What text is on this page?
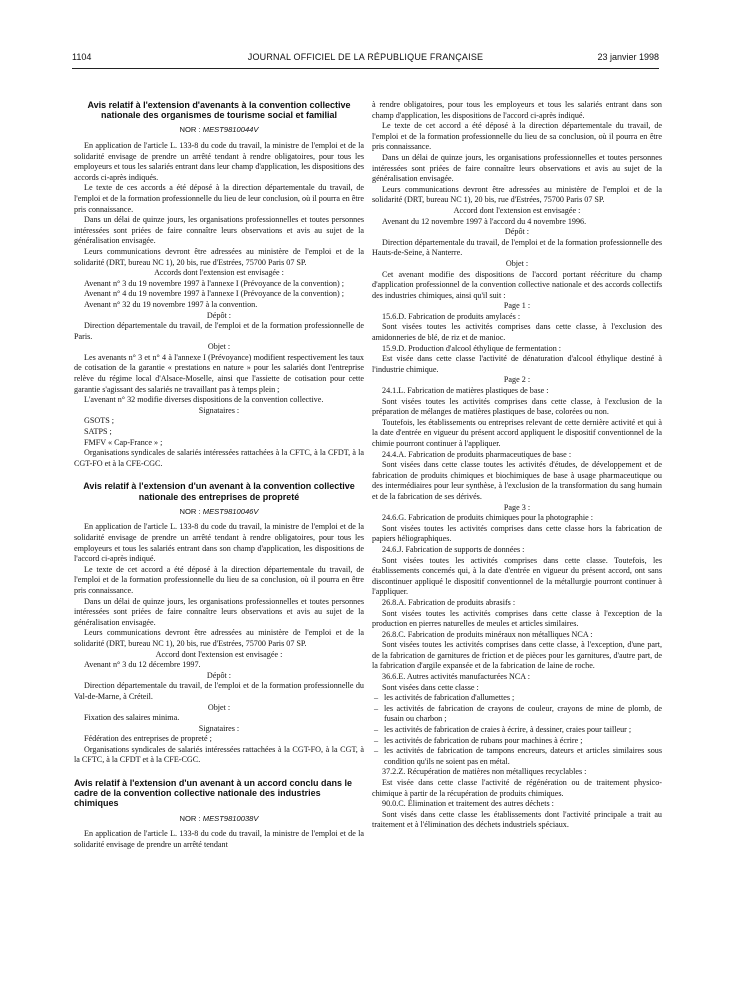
1104	JOURNAL OFFICIEL DE LA RÉPUBLIQUE FRANÇAISE	23 janvier 1998
Avis relatif à l'extension d'avenants à la convention collective nationale des organismes de tourisme social et familial

NOR : MESТ9810044V

En application de l'article L. 133-8 du code du travail, la ministre de l'emploi et de la solidarité envisage de prendre un arrêté tendant à rendre obligatoires, pour tous les employeurs et tous les salariés entrant dans leur champ d'application, les dispositions des accords ci-après indiqués.

Le texte de ces accords a été déposé à la direction départementale du travail, de l'emploi et de la formation professionnelle du lieu de leur conclusion, où il pourra en être pris connaissance.

Dans un délai de quinze jours, les organisations professionnelles et toutes personnes intéressées sont priées de faire connaître leurs observations et avis au sujet de la généralisation envisagée.

Leurs communications devront être adressées au ministère de l'emploi et de la solidarité (DRT, bureau NC 1), 20 bis, rue d'Estrées, 75700 Paris 07 SP.

Accords dont l'extension est envisagée :

Avenant n° 3 du 19 novembre 1997 à l'annexe I (Prévoyance de la convention) ;

Avenant n° 4 du 19 novembre 1997 à l'annexe I (Prévoyance de la convention) ;

Avenant n° 32 du 19 novembre 1997 à la convention.

Dépôt :

Direction départementale du travail, de l'emploi et de la formation professionnelle de Paris.

Objet :

Les avenants n° 3 et n° 4 à l'annexe I (Prévoyance) modifient respectivement les taux de cotisation de la garantie « prestations en nature » pour les salariés dont l'entreprise relève du régime local d'Alsace-Moselle, ainsi que l'assiette de cotisation pour cette garantie s'agissant des salariés ne travaillant pas à temps plein ;

L'avenant n° 32 modifie diverses dispositions de la convention collective.

Signataires :

GSOTS ;

SATPS ;

FMFV « Cap-France » ;

Organisations syndicales de salariés intéressées rattachées à la CFTC, à la CFDT, à la CGT-FO et à la CFE-CGC.

Avis relatif à l'extension d'un avenant à la convention collective nationale des entreprises de propreté

NOR : MESТ9810046V

En application de l'article L. 133-8 du code du travail, la ministre de l'emploi et de la solidarité envisage de prendre un arrêté tendant à rendre obligatoires, pour tous les employeurs et tous les salariés entrant dans son champ d'application, les dispositions de l'accord ci-après indiqué.

Le texte de cet accord a été déposé à la direction départementale du travail, de l'emploi et de la formation professionnelle du lieu de sa conclusion, où il pourra en être pris connaissance.

Dans un délai de quinze jours, les organisations professionnelles et toutes personnes intéressées sont priées de faire connaître leurs observations et avis au sujet de la généralisation envisagée.

Leurs communications devront être adressées au ministère de l'emploi et de la solidarité (DRT, bureau NC 1), 20 bis, rue d'Estrées, 75700 Paris 07 SP.

Accord dont l'extension est envisagée :

Avenant n° 3 du 12 décembre 1997.

Dépôt :

Direction départementale du travail, de l'emploi et de la formation professionnelle du Val-de-Marne, à Créteil.

Objet :

Fixation des salaires minima.

Signataires :

Fédération des entreprises de propreté ;

Organisations syndicales de salariés intéressées rattachées à la CGT-FO, à la CGT, à la CFTC, à la CFDT et à la CFE-CGC.

Avis relatif à l'extension d'un avenant à un accord conclu dans le cadre de la convention collective nationale des industries chimiques

NOR : MESТ9810038V

En application de l'article L. 133-8 du code du travail, la ministre de l'emploi et de la solidarité envisage de prendre un arrêté tendant

à rendre obligatoires, pour tous les employeurs et tous les salariés entrant dans son champ d'application, les dispositions de l'accord ci-après indiqué.

Le texte de cet accord a été déposé à la direction départementale du travail, de l'emploi et de la formation professionnelle du lieu de sa conclusion, où il pourra en être pris connaissance.

Dans un délai de quinze jours, les organisations professionnelles et toutes personnes intéressées sont priées de faire connaître leurs observations et avis au sujet de la généralisation envisagée.

Leurs communications devront être adressées au ministère de l'emploi et de la solidarité (DRT, bureau NC 1), 20 bis, rue d'Estrées, 75700 Paris 07 SP.

Accord dont l'extension est envisagée :

Avenant du 12 novembre 1997 à l'accord du 4 novembre 1996.

Dépôt :

Direction départementale du travail, de l'emploi et de la formation professionnelle des Hauts-de-Seine, à Nanterre.

Objet :

Cet avenant modifie des dispositions de l'accord portant réécriture du champ d'application professionnel de la convention collective nationale et des accords collectifs des industries chimiques, ainsi qu'il suit :

Page 1 :

15.6.D. Fabrication de produits amylacés :

Sont visées toutes les activités comprises dans cette classe, à l'exclusion des amidonneries de blé, de riz et de manioc.

15.9.D. Production d'alcool éthylique de fermentation :

Est visée dans cette classe l'activité de dénaturation d'alcool éthylique destiné à l'industrie chimique.

Page 2 :

24.1.L. Fabrication de matières plastiques de base :

Sont visées toutes les activités comprises dans cette classe, à l'exclusion de la préparation de mélanges de matières plastiques de base, colorées ou non.

Toutefois, les établissements ou entreprises relevant de cette dernière activité et qui à la date d'entrée en vigueur du présent accord appliquent le dispositif conventionnel de la chimie pourront continuer à l'appliquer.

24.4.A. Fabrication de produits pharmaceutiques de base :

Sont visées dans cette classe toutes les activités d'études, de développement et de fabrication de produits chimiques et biochimiques de base à usage pharmaceutique ou des intermédiaires pour leur synthèse, à l'exclusion de la transformation du sang humain et de la fabrication de ses dérivés.

Page 3 :

24.6.G. Fabrication de produits chimiques pour la photographie :

Sont visées toutes les activités comprises dans cette classe hors la fabrication de papiers héliographiques.

24.6.J. Fabrication de supports de données :

Sont visées toutes les activités comprises dans cette classe. Toutefois, les établissements concernés qui, à la date d'entrée en vigueur du présent accord, ont sans discontinuer appliqué le dispositif conventionnel de la métallurgie pourront continuer à l'appliquer.

26.8.A. Fabrication de produits abrasifs :

Sont visées toutes les activités comprises dans cette classe à l'exception de la production en pierres naturelles de meules et articles similaires.

26.8.C. Fabrication de produits minéraux non métalliques NCA :

Sont visées toutes les activités comprises dans cette classe, à l'exception, d'une part, de la fabrication de garnitures de friction et de pièces pour les garnitures, d'autre part, de la fabrication d'argile expansée et de la fabrication de laine de roche.

36.6.E. Autres activités manufacturées NCA :

Sont visées dans cette classe :

– les activités de fabrication d'allumettes ;
– les activités de fabrication de crayons de couleur, crayons de mine de plomb, de fusain ou charbon ;
– les activités de fabrication de craies à écrire, à dessiner, craies pour tailleur ;
– les activités de fabrication de rubans pour machines à écrire ;
– les activités de fabrication de tampons encreurs, dateurs et articles similaires sous condition qu'ils ne soient pas en métal.

37.2.Z. Récupération de matières non métalliques recyclables :

Est visée dans cette classe l'activité de régénération ou de traitement physico-chimique à partir de la récupération de produits chimiques.

90.0.C. Élimination et traitement des autres déchets :

Sont visés dans cette classe les établissements dont l'activité principale a trait au traitement et à l'élimination des déchets industriels spéciaux.
